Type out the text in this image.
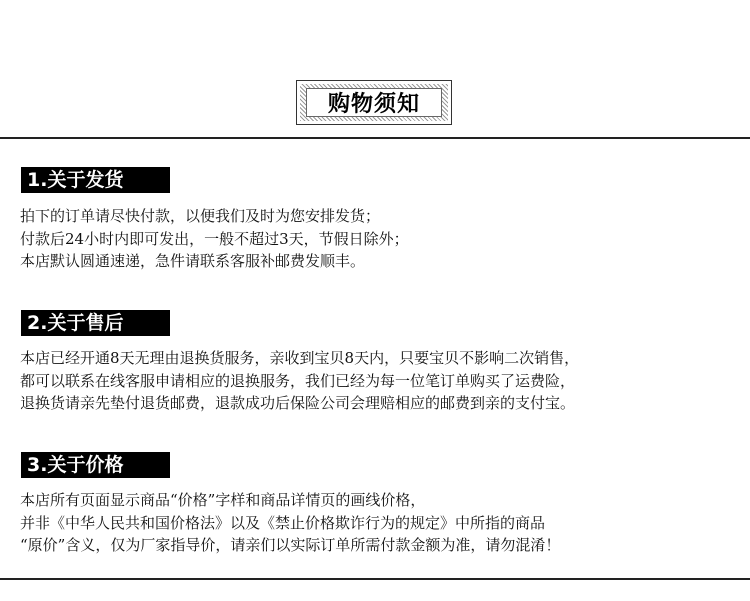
购物须知
1.关于发货
拍下的订单请尽快付款，以便我们及时为您安排发货；
付款后24小时内即可发出，一般不超过3天，节假日除外；
本店默认圆通速递，急件请联系客服补邮费发顺丰。
2.关于售后
本店已经开通8天无理由退换货服务，亲收到宝贝8天内，只要宝贝不影响二次销售，
都可以联系在线客服申请相应的退换服务，我们已经为每一位笔订单购买了运费险，
退换货请亲先垫付退货邮费，退款成功后保险公司会理赔相应的邮费到亲的支付宝。
3.关于价格
本店所有页面显示商品“价格”字样和商品详情页的画线价格，
并非《中华人民共和国价格法》以及《禁止价格欺诈行为的规定》中所指的商品
“原价”含义，仅为厂家指导价，请亲们以实际订单所需付款金额为准，请勿混淆！
